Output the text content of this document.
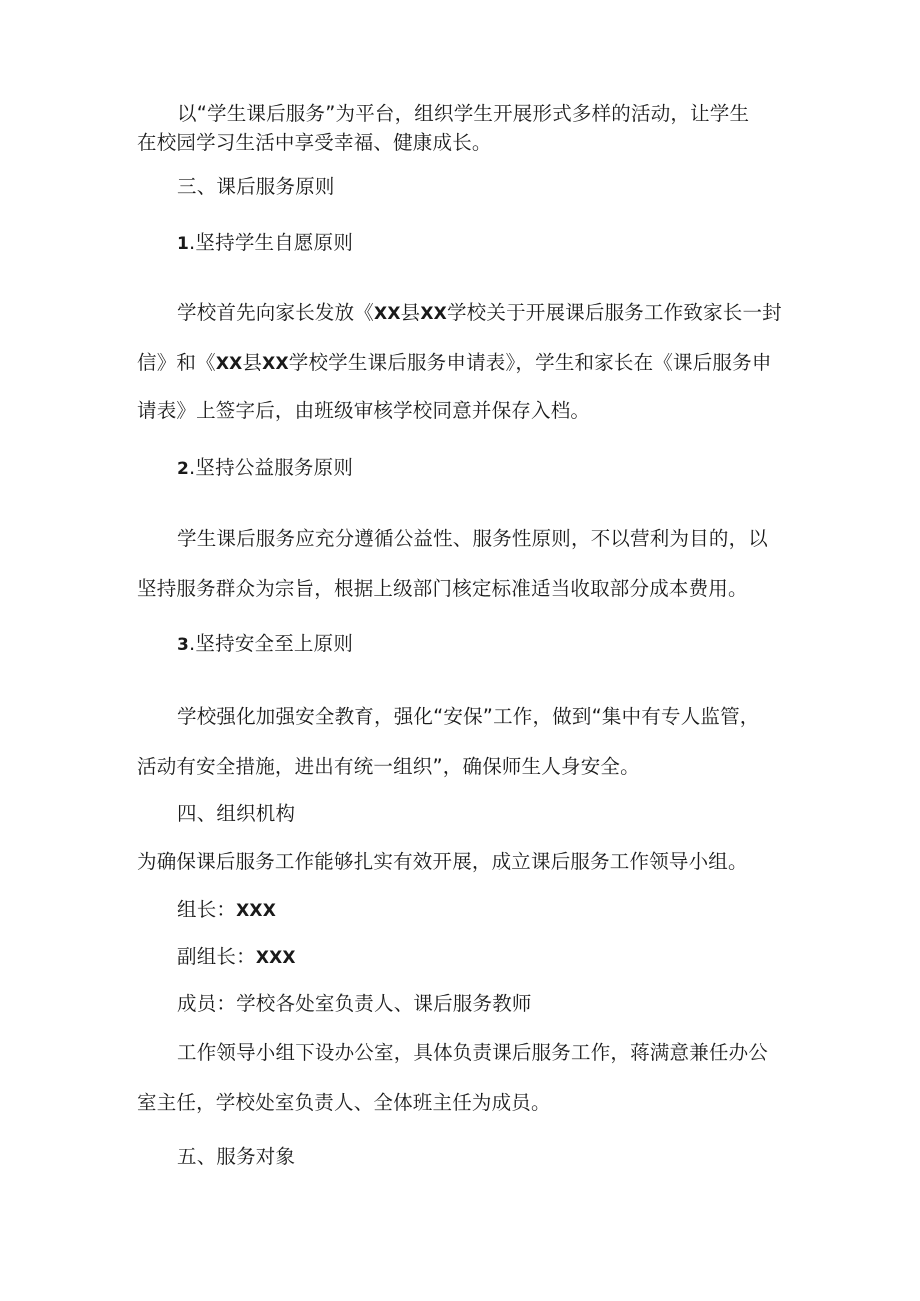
以“学生课后服务”为平台，组织学生开展形式多样的活动，让学生
在校园学习生活中享受幸福、健康成长。
三、课后服务原则
1.坚持学生自愿原则
学校首先向家长发放《XX县XX学校关于开展课后服务工作致家长一封
信》和《XX县XX学校学生课后服务申请表》，学生和家长在《课后服务申
请表》上签字后，由班级审核学校同意并保存入档。
2.坚持公益服务原则
学生课后服务应充分遵循公益性、服务性原则，不以营利为目的，以
坚持服务群众为宗旨，根据上级部门核定标准适当收取部分成本费用。
3.坚持安全至上原则
学校强化加强安全教育，强化“安保”工作，做到“集中有专人监管，
活动有安全措施，进出有统一组织”，确保师生人身安全。
四、组织机构
为确保课后服务工作能够扎实有效开展，成立课后服务工作领导小组。
组长：XXX
副组长：XXX
成员：学校各处室负责人、课后服务教师
工作领导小组下设办公室，具体负责课后服务工作，蒋满意兼任办公
室主任，学校处室负责人、全体班主任为成员。
五、服务对象
